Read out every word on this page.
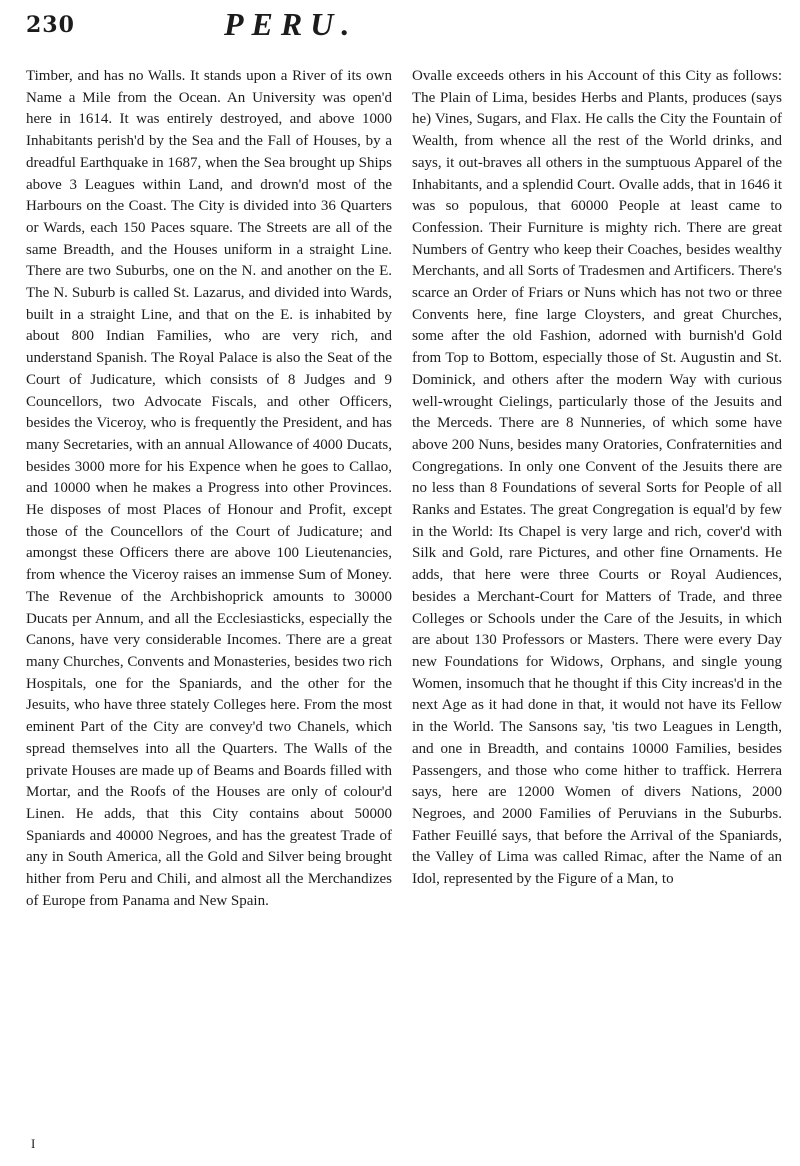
230	PERU.

Timber, and has no Walls. It stands upon a River of its own Name a Mile from the Ocean. An University was open'd here in 1614. It was entirely destroyed, and above 1000 Inhabitants perish'd by the Sea and the Fall of Houses, by a dreadful Earthquake in 1687, when the Sea brought up Ships above 3 Leagues within Land, and drown'd most of the Harbours on the Coast. The City is divided into 36 Quarters or Wards, each 150 Paces square. The Streets are all of the same Breadth, and the Houses uniform in a straight Line. There are two Suburbs, one on the N. and another on the E. The N. Suburb is called St. Lazarus, and divided into Wards, built in a straight Line, and that on the E. is inhabited by about 800 Indian Families, who are very rich, and understand Spanish. The Royal Palace is also the Seat of the Court of Judicature, which consists of 8 Judges and 9 Councellors, two Advocate Fiscals, and other Officers, besides the Viceroy, who is frequently the President, and has many Secretaries, with an annual Allowance of 4000 Ducats, besides 3000 more for his Expence when he goes to Callao, and 10000 when he makes a Progress into other Provinces. He disposes of most Places of Honour and Profit, except those of the Councellors of the Court of Judicature; and amongst these Officers there are above 100 Lieutenancies, from whence the Viceroy raises an immense Sum of Money. The Revenue of the Archbishoprick amounts to 30000 Ducats per Annum, and all the Ecclesiasticks, especially the Canons, have very considerable Incomes. There are a great many Churches, Convents and Monasteries, besides two rich Hospitals, one for the Spaniards, and the other for the Jesuits, who have three stately Colleges here. From the most eminent Part of the City are convey'd two Chanels, which spread themselves into all the Quarters. The Walls of the private Houses are made up of Beams and Boards filled with Mortar, and the Roofs of the Houses are only of colour'd Linen. He adds, that this City contains about 50000 Spaniards and 40000 Negroes, and has the greatest Trade of any in South America, all the Gold and Silver being brought hither from Peru and Chili, and almost all the Merchandizes of Europe from Panama and New Spain.

Ovalle exceeds others in his Account of this City as follows: The Plain of Lima, besides Herbs and Plants, produces (says he) Vines, Sugars, and Flax. He calls the City the Fountain of Wealth, from whence all the rest of the World drinks, and says, it out-braves all others in the sumptuous Apparel of the Inhabitants, and a splendid Court. Ovalle adds, that in 1646 it was so populous, that 60000 People at least came to Confession. Their Furniture is mighty rich. There are great Numbers of Gentry who keep their Coaches, besides wealthy Merchants, and all Sorts of Tradesmen and Artificers. There's scarce an Order of Friars or Nuns which has not two or three Convents here, fine large Cloysters, and great Churches, some after the old Fashion, adorned with burnish'd Gold from Top to Bottom, especially those of St. Augustin and St. Dominick, and others after the modern Way with curious well-wrought Cielings, particularly those of the Jesuits and the Merceds. There are 8 Nunneries, of which some have above 200 Nuns, besides many Oratories, Confraternities and Congregations. In only one Convent of the Jesuits there are no less than 8 Foundations of several Sorts for People of all Ranks and Estates. The great Congregation is equal'd by few in the World: Its Chapel is very large and rich, cover'd with Silk and Gold, rare Pictures, and other fine Ornaments. He adds, that here were three Courts or Royal Audiences, besides a Merchant-Court for Matters of Trade, and three Colleges or Schools under the Care of the Jesuits, in which are about 130 Professors or Masters. There were every Day new Foundations for Widows, Orphans, and single young Women, insomuch that he thought if this City increas'd in the next Age as it had done in that, it would not have its Fellow in the World. The Sansons say, 'tis two Leagues in Length, and one in Breadth, and contains 10000 Families, besides Passengers, and those who come hither to traffick. Herrera says, here are 12000 Women of divers Nations, 2000 Negroes, and 2000 Families of Peruvians in the Suburbs. Father Feuillé says, that before the Arrival of the Spaniards, the Valley of Lima was called Rimac, after the Name of an Idol, represented by the Figure of a Man, to

I
